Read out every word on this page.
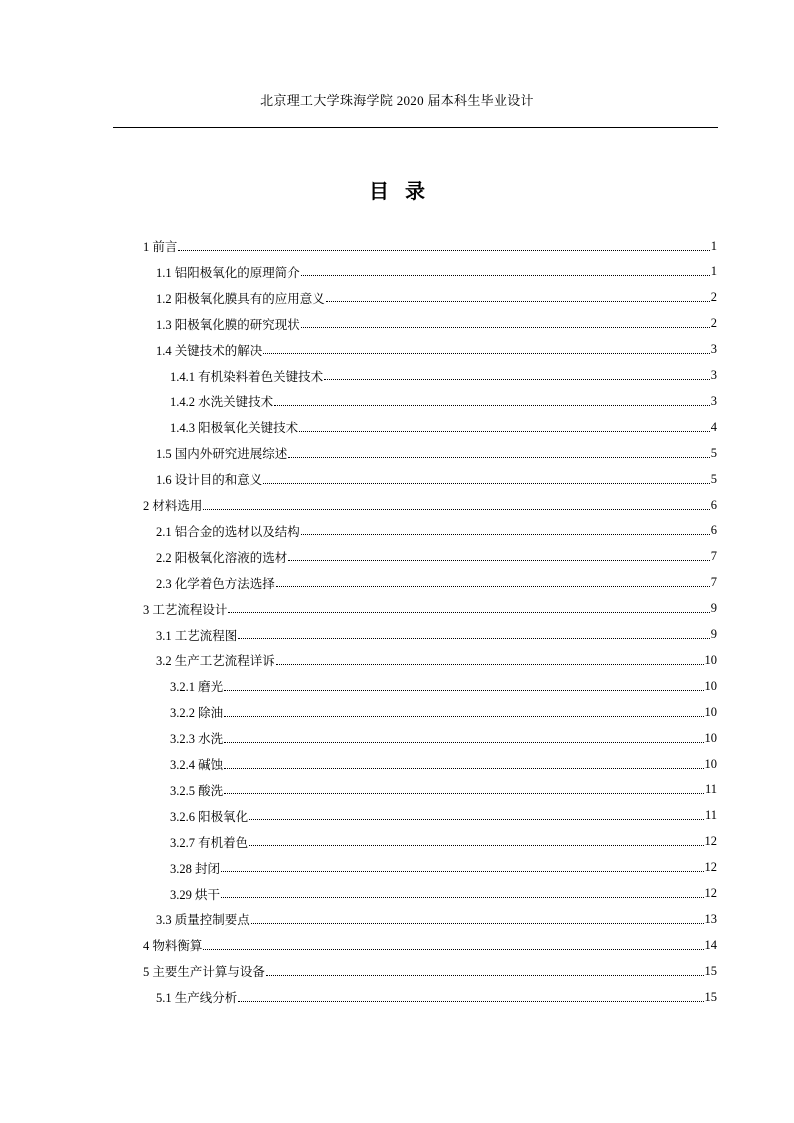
北京理工大学珠海学院 2020 届本科生毕业设计
目录
1 前言	1
1.1 铝阳极氧化的原理简介	1
1.2 阳极氧化膜具有的应用意义	2
1.3 阳极氧化膜的研究现状	2
1.4 关键技术的解决	3
1.4.1 有机染料着色关键技术	3
1.4.2 水洗关键技术	3
1.4.3 阳极氧化关键技术	4
1.5 国内外研究进展综述	5
1.6 设计目的和意义	5
2 材料选用	6
2.1 铝合金的选材以及结构	6
2.2 阳极氧化溶液的选材	7
2.3 化学着色方法选择	7
3 工艺流程设计	9
3.1 工艺流程图	9
3.2 生产工艺流程详诉	10
3.2.1 磨光	10
3.2.2 除油	10
3.2.3 水洗	10
3.2.4 碱蚀	10
3.2.5 酸洗	11
3.2.6 阳极氧化	11
3.2.7 有机着色	12
3.28 封闭	12
3.29 烘干	12
3.3 质量控制要点	13
4 物料衡算	14
5 主要生产计算与设备	15
5.1 生产线分析	15
